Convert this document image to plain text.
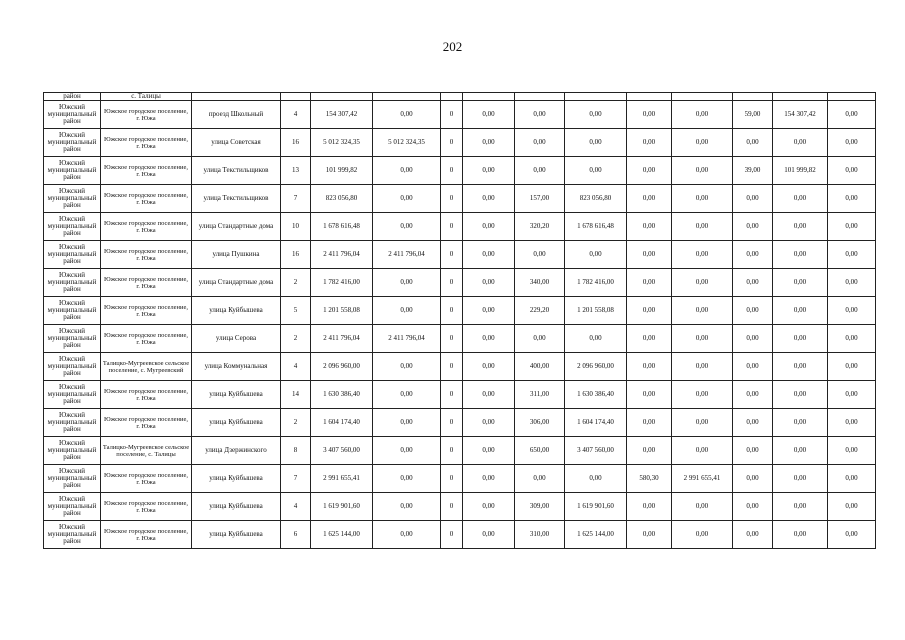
202
район	с. Талицы													
Южский муниципальный район	Южское городское поселение, г. Южа	проезд Школьный	4	154 307,42	0,00	0	0,00	0,00	0,00	0,00	0,00	59,00	154 307,42	0,00
Южский муниципальный район	Южское городское поселение, г. Южа	улица Советская	16	5 012 324,35	5 012 324,35	0	0,00	0,00	0,00	0,00	0,00	0,00	0,00	0,00
Южский муниципальный район	Южское городское поселение, г. Южа	улица Текстильщиков	13	101 999,82	0,00	0	0,00	0,00	0,00	0,00	0,00	39,00	101 999,82	0,00
Южский муниципальный район	Южское городское поселение, г. Южа	улица Текстильщиков	7	823 056,80	0,00	0	0,00	157,00	823 056,80	0,00	0,00	0,00	0,00	0,00
Южский муниципальный район	Южское городское поселение, г. Южа	улица Стандартные дома	10	1 678 616,48	0,00	0	0,00	320,20	1 678 616,48	0,00	0,00	0,00	0,00	0,00
Южский муниципальный район	Южское городское поселение, г. Южа	улица Пушкина	16	2 411 796,04	2 411 796,04	0	0,00	0,00	0,00	0,00	0,00	0,00	0,00	0,00
Южский муниципальный район	Южское городское поселение, г. Южа	улица Стандартные дома	2	1 782 416,00	0,00	0	0,00	340,00	1 782 416,00	0,00	0,00	0,00	0,00	0,00
Южский муниципальный район	Южское городское поселение, г. Южа	улица Куйбышева	5	1 201 558,08	0,00	0	0,00	229,20	1 201 558,08	0,00	0,00	0,00	0,00	0,00
Южский муниципальный район	Южское городское поселение, г. Южа	улица Серова	2	2 411 796,04	2 411 796,04	0	0,00	0,00	0,00	0,00	0,00	0,00	0,00	0,00
Южский муниципальный район	Талицко-Мугреевское сельское поселение, с. Мугреевский	улица Коммунальная	4	2 096 960,00	0,00	0	0,00	400,00	2 096 960,00	0,00	0,00	0,00	0,00	0,00
Южский муниципальный район	Южское городское поселение, г. Южа	улица Куйбышева	14	1 630 386,40	0,00	0	0,00	311,00	1 630 386,40	0,00	0,00	0,00	0,00	0,00
Южский муниципальный район	Южское городское поселение, г. Южа	улица Куйбышева	2	1 604 174,40	0,00	0	0,00	306,00	1 604 174,40	0,00	0,00	0,00	0,00	0,00
Южский муниципальный район	Талицко-Мугреевское сельское поселение, с. Талицы	улица Дзержинского	8	3 407 560,00	0,00	0	0,00	650,00	3 407 560,00	0,00	0,00	0,00	0,00	0,00
Южский муниципальный район	Южское городское поселение, г. Южа	улица Куйбышева	7	2 991 655,41	0,00	0	0,00	0,00	0,00	580,30	2 991 655,41	0,00	0,00	0,00
Южский муниципальный район	Южское городское поселение, г. Южа	улица Куйбышева	4	1 619 901,60	0,00	0	0,00	309,00	1 619 901,60	0,00	0,00	0,00	0,00	0,00
Южский муниципальный район	Южское городское поселение, г. Южа	улица Куйбышева	6	1 625 144,00	0,00	0	0,00	310,00	1 625 144,00	0,00	0,00	0,00	0,00	0,00
